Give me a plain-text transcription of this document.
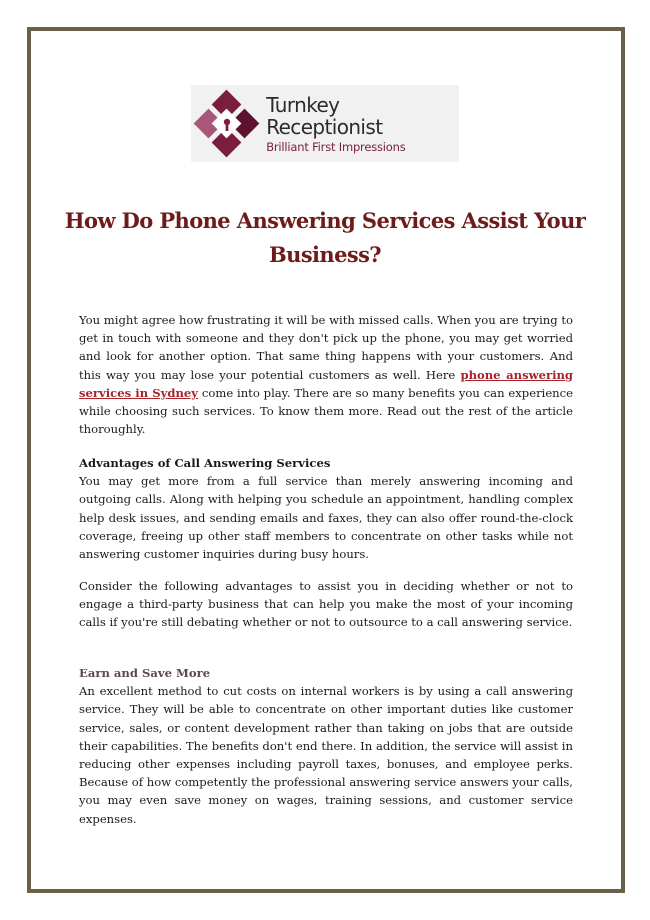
Turnkey Receptionist
Brilliant First Impressions
How Do Phone Answering Services Assist Your Business?

You might agree how frustrating it will be with missed calls. When you are trying to get in touch with someone and they don't pick up the phone, you may get worried and look for another option. That same thing happens with your customers. And this way you may lose your potential customers as well. Here phone answering services in Sydney come into play. There are so many benefits you can experience while choosing such services. To know them more. Read out the rest of the article thoroughly.

Advantages of Call Answering Services
You may get more from a full service than merely answering incoming and outgoing calls. Along with helping you schedule an appointment, handling complex help desk issues, and sending emails and faxes, they can also offer round-the-clock coverage, freeing up other staff members to concentrate on other tasks while not answering customer inquiries during busy hours.

Consider the following advantages to assist you in deciding whether or not to engage a third-party business that can help you make the most of your incoming calls if you're still debating whether or not to outsource to a call answering service.

Earn and Save More
An excellent method to cut costs on internal workers is by using a call answering service. They will be able to concentrate on other important duties like customer service, sales, or content development rather than taking on jobs that are outside their capabilities. The benefits don't end there. In addition, the service will assist in reducing other expenses including payroll taxes, bonuses, and employee perks. Because of how competently the professional answering service answers your calls, you may even save money on wages, training sessions, and customer service expenses.
